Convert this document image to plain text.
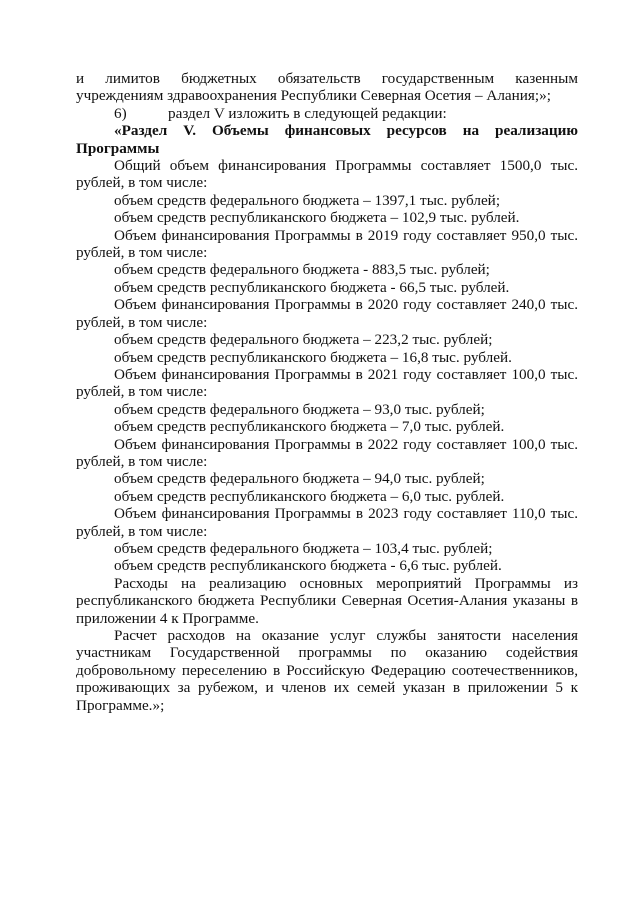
и лимитов бюджетных обязательств государственным казенным
учреждениям здравоохранения Республики Северная Осетия – Алания;»;
6)	раздел V изложить в следующей редакции:
«Раздел V. Объемы финансовых ресурсов на реализацию
Программы
Общий объем финансирования Программы составляет 1500,0 тыс.
рублей, в том числе:
объем средств федерального бюджета – 1397,1 тыс. рублей;
объем средств республиканского бюджета – 102,9 тыс. рублей.
Объем финансирования Программы в 2019 году составляет 950,0 тыс.
рублей, в том числе:
объем средств федерального бюджета - 883,5 тыс. рублей;
объем средств республиканского бюджета - 66,5 тыс. рублей.
Объем финансирования Программы в 2020 году составляет 240,0 тыс.
рублей, в том числе:
объем средств федерального бюджета – 223,2 тыс. рублей;
объем средств республиканского бюджета – 16,8 тыс. рублей.
Объем финансирования Программы в 2021 году составляет 100,0 тыс.
рублей, в том числе:
объем средств федерального бюджета – 93,0 тыс. рублей;
объем средств республиканского бюджета – 7,0 тыс. рублей.
Объем финансирования Программы в 2022 году составляет 100,0 тыс.
рублей, в том числе:
объем средств федерального бюджета – 94,0 тыс. рублей;
объем средств республиканского бюджета – 6,0 тыс. рублей.
Объем финансирования Программы в 2023 году составляет 110,0 тыс.
рублей, в том числе:
объем средств федерального бюджета – 103,4 тыс. рублей;
объем средств республиканского бюджета - 6,6 тыс. рублей.
Расходы на реализацию основных мероприятий Программы из
республиканского бюджета Республики Северная Осетия-Алания указаны в
приложении 4 к Программе.
Расчет расходов на оказание услуг службы занятости населения
участникам Государственной программы по оказанию содействия
добровольному переселению в Российскую Федерацию соотечественников,
проживающих за рубежом, и членов их семей указан в приложении 5 к
Программе.»;
